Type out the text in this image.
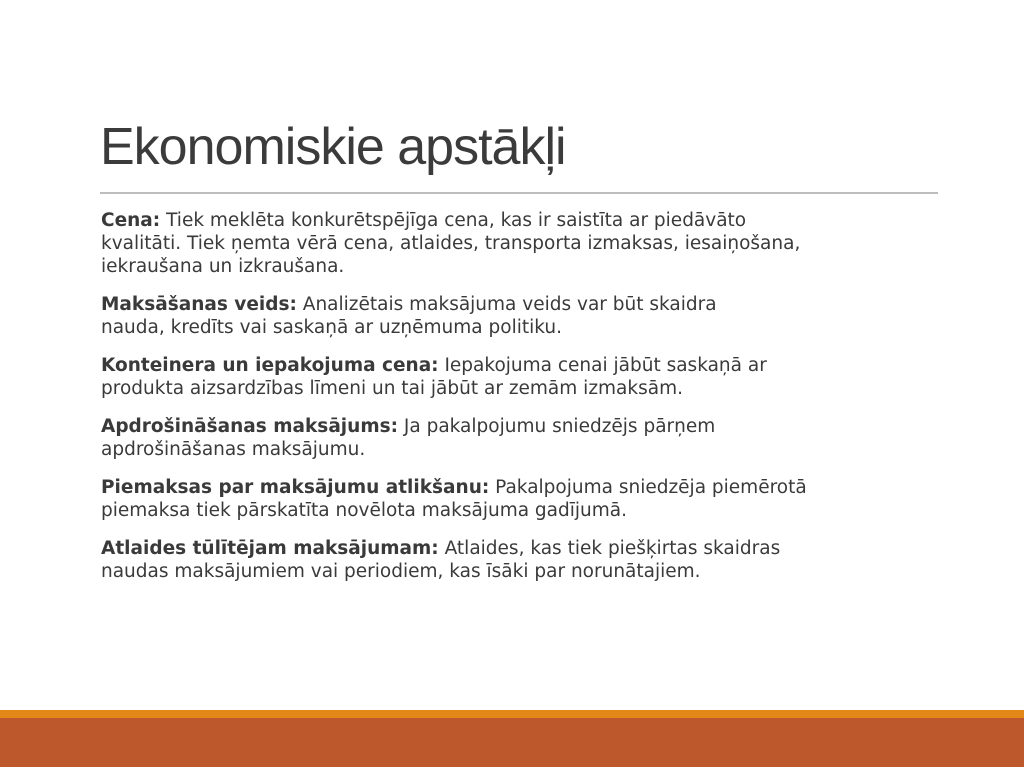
Ekonomiskie apstākļi

Cena: Tiek meklēta konkurētspējīga cena, kas ir saistīta ar piedāvāto
kvalitāti. Tiek ņemta vērā cena, atlaides, transporta izmaksas, iesaiņošana,
iekraušana un izkraušana.

Maksāšanas veids: Analizētais maksājuma veids var būt skaidra
nauda, kredīts vai saskaņā ar uzņēmuma politiku.

Konteinera un iepakojuma cena: Iepakojuma cenai jābūt saskaņā ar
produkta aizsardzības līmeni un tai jābūt ar zemām izmaksām.

Apdrošināšanas maksājums: Ja pakalpojumu sniedzējs pārņem
apdrošināšanas maksājumu.

Piemaksas par maksājumu atlikšanu: Pakalpojuma sniedzēja piemērotā
piemaksa tiek pārskatīta novēlota maksājuma gadījumā.

Atlaides tūlītējam maksājumam: Atlaides, kas tiek piešķirtas skaidras
naudas maksājumiem vai periodiem, kas īsāki par norunātajiem.
